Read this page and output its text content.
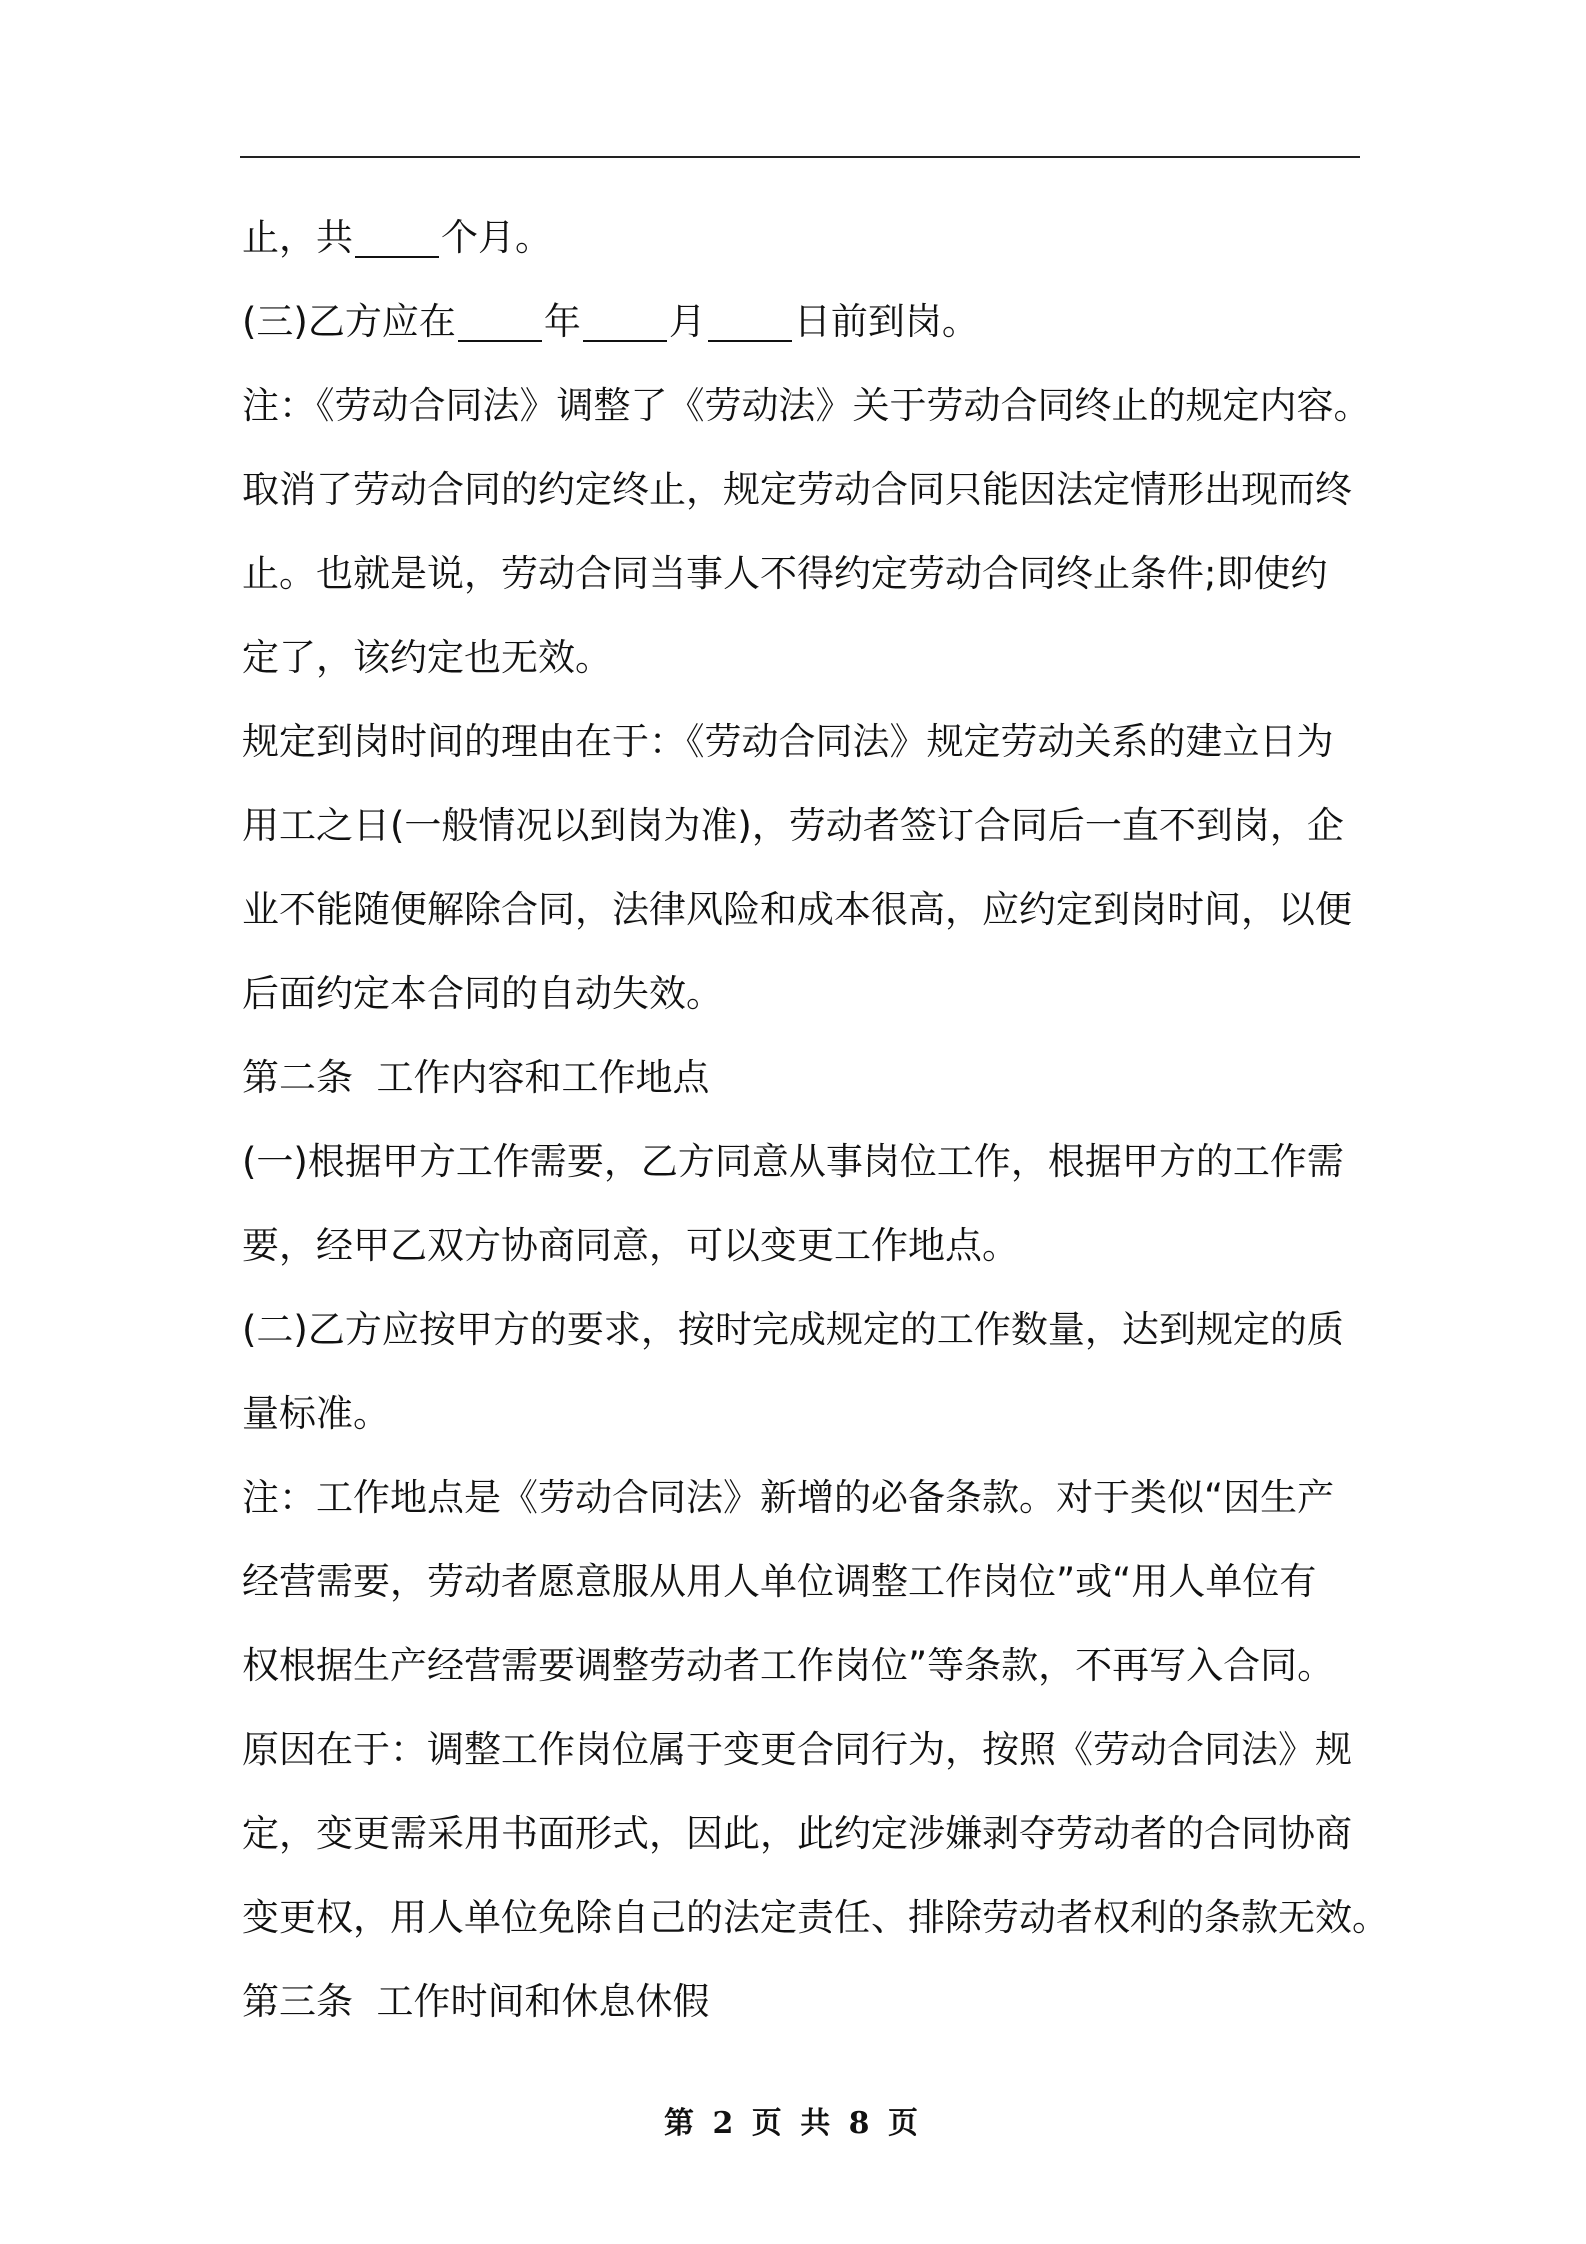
止，共 个月。
(三)乙方应在 年 月 日前到岗。
注：《劳动合同法》调整了《劳动法》关于劳动合同终止的规定内容。
取消了劳动合同的约定终止，规定劳动合同只能因法定情形出现而终
止。也就是说，劳动合同当事人不得约定劳动合同终止条件;即使约
定了，该约定也无效。
规定到岗时间的理由在于：《劳动合同法》规定劳动关系的建立日为
用工之日(一般情况以到岗为准)，劳动者签订合同后一直不到岗，企
业不能随便解除合同，法律风险和成本很高，应约定到岗时间，以便
后面约定本合同的自动失效。
第二条  工作内容和工作地点
(一)根据甲方工作需要，乙方同意从事岗位工作，根据甲方的工作需
要，经甲乙双方协商同意，可以变更工作地点。
(二)乙方应按甲方的要求，按时完成规定的工作数量，达到规定的质
量标准。
注：工作地点是《劳动合同法》新增的必备条款。对于类似“因生产
经营需要，劳动者愿意服从用人单位调整工作岗位”或“用人单位有
权根据生产经营需要调整劳动者工作岗位”等条款，不再写入合同。
原因在于：调整工作岗位属于变更合同行为，按照《劳动合同法》规
定，变更需采用书面形式，因此，此约定涉嫌剥夺劳动者的合同协商
变更权，用人单位免除自己的法定责任、排除劳动者权利的条款无效。
第三条  工作时间和休息休假
第 2 页 共 8 页
